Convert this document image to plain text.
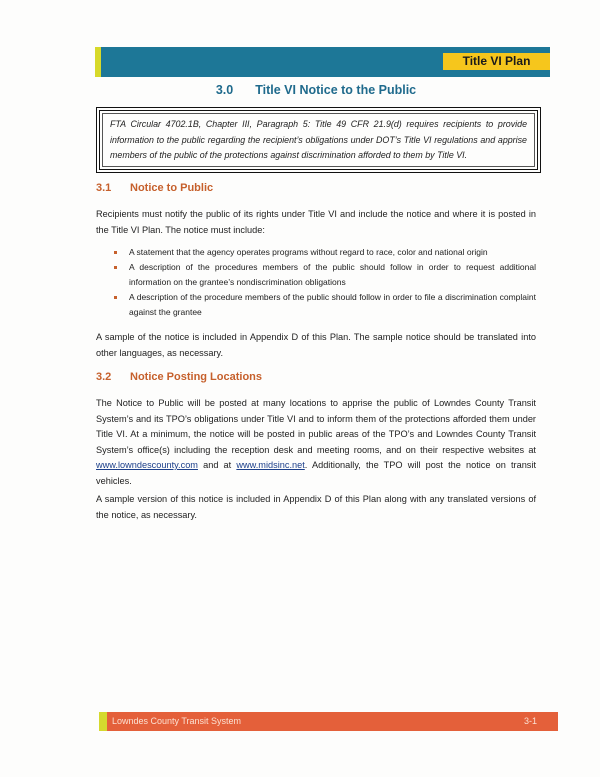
Title VI Plan
3.0 Title VI Notice to the Public

FTA Circular 4702.1B, Chapter III, Paragraph 5: Title 49 CFR 21.9(d) requires recipients to provide information to the public regarding the recipient’s obligations under DOT’s Title VI regulations and apprise members of the public of the protections against discrimination afforded to them by Title VI.

3.1 Notice to Public

Recipients must notify the public of its rights under Title VI and include the notice and where it is posted in the Title VI Plan. The notice must include:

A statement that the agency operates programs without regard to race, color and national origin
A description of the procedures members of the public should follow in order to request additional information on the grantee’s nondiscrimination obligations
A description of the procedure members of the public should follow in order to file a discrimination complaint against the grantee

A sample of the notice is included in Appendix D of this Plan. The sample notice should be translated into other languages, as necessary.

3.2 Notice Posting Locations

The Notice to Public will be posted at many locations to apprise the public of Lowndes County Transit System’s and its TPO’s obligations under Title VI and to inform them of the protections afforded them under Title VI. At a minimum, the notice will be posted in public areas of the TPO’s and Lowndes County Transit System’s office(s) including the reception desk and meeting rooms, and on their respective websites at www.lowndescounty.com and at www.midsinc.net. Additionally, the TPO will post the notice on transit vehicles.

A sample version of this notice is included in Appendix D of this Plan along with any translated versions of the notice, as necessary.

Lowndes County Transit System	3-1
